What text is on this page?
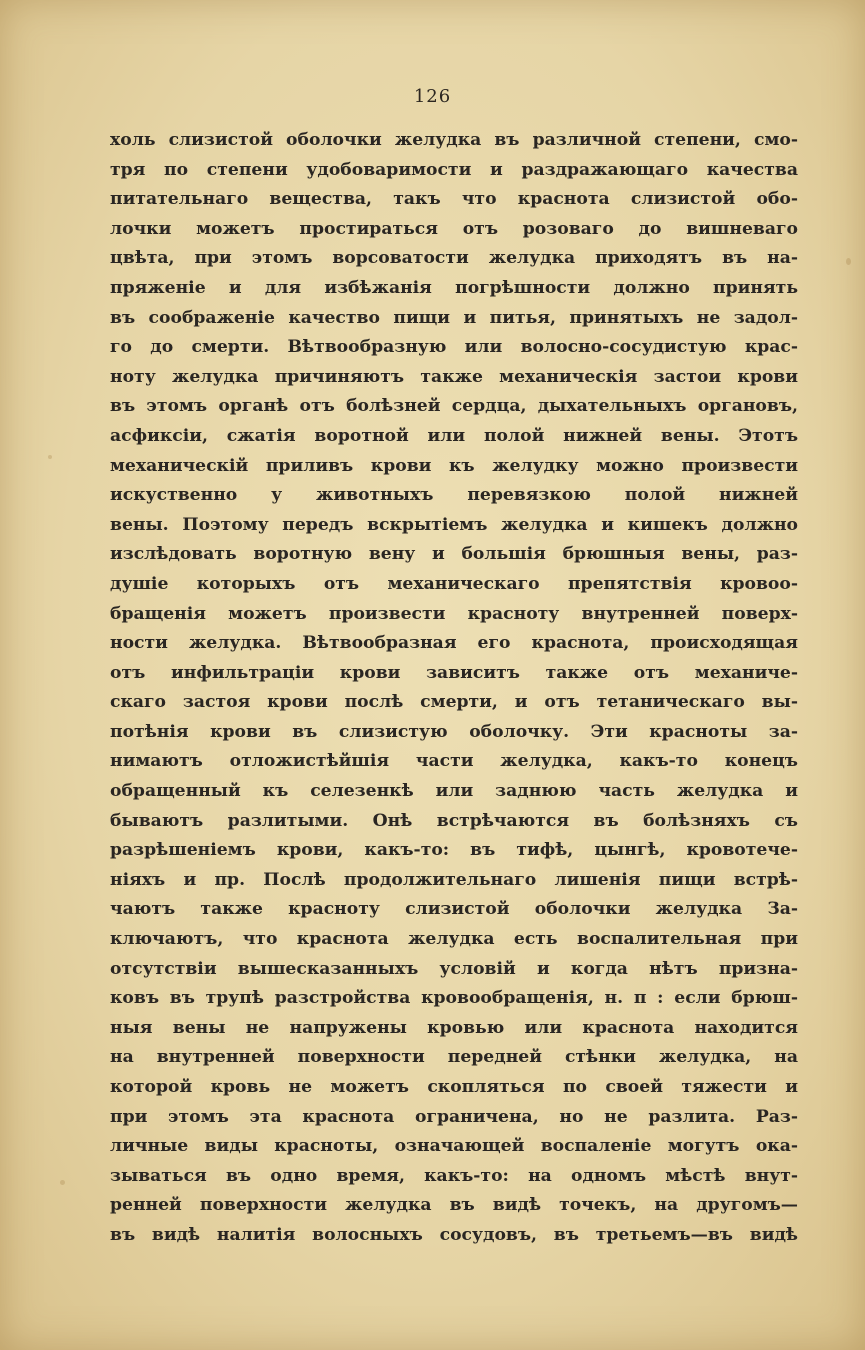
126
холь слизистой оболочки желудка въ различной степени, смо-
тря по степени удобоваримости и раздражающаго качества
питательнаго вещества, такъ что краснота слизистой обо-
лочки можетъ простираться отъ розоваго до вишневаго
цвѣта, при этомъ ворсоватости желудка приходятъ въ на-
пряженіе и для избѣжанія погрѣшности должно принять
въ соображеніе качество пищи и питья, принятыхъ не задол-
го до смерти. Вѣтвообразную или волосно-сосудистую крас-
ноту желудка причиняютъ также механическія застои крови
въ этомъ органѣ отъ болѣзней сердца, дыхательныхъ органовъ,
асфиксіи, сжатія воротной или полой нижней вены. Этотъ
механическій приливъ крови къ желудку можно произвести
искуственно у животныхъ перевязкою полой нижней
вены. Поэтому передъ вскрытіемъ желудка и кишекъ должно
изслѣдовать воротную вену и большія брюшныя вены, раз-
душіе которыхъ отъ механическаго препятствія кровоо-
бращенія можетъ произвести красноту внутренней поверх-
ности желудка. Вѣтвообразная его краснота, происходящая
отъ инфильтраціи крови зависитъ также отъ механиче-
скаго застоя крови послѣ смерти, и отъ тетаническаго вы-
потѣнія крови въ слизистую оболочку. Эти красноты за-
нимаютъ отложистѣйшія части желудка, какъ-то конецъ
обращенный къ селезенкѣ или заднюю часть желудка и
бываютъ разлитыми. Онѣ встрѣчаются въ болѣзняхъ съ
разрѣшеніемъ крови, какъ-то: въ тифѣ, цынгѣ, кровотече-
ніяхъ и пр. Послѣ продолжительнаго лишенія пищи встрѣ-
чаютъ также красноту слизистой оболочки желудка За-
ключаютъ, что краснота желудка есть воспалительная при
отсутствіи вышесказанныхъ условій и когда нѣтъ призна-
ковъ въ трупѣ разстройства кровообращенія, н. п : если брюш-
ныя вены не напружены кровью или краснота находится
на внутренней поверхности передней стѣнки желудка, на
которой кровь не можетъ скопляться по своей тяжести и
при этомъ эта краснота ограничена, но не разлита. Раз-
личные виды красноты, означающей воспаленіе могутъ ока-
зываться въ одно время, какъ-то: на одномъ мѣстѣ внут-
ренней поверхности желудка въ видѣ точекъ, на другомъ—
въ видѣ налитія волосныхъ сосудовъ, въ третьемъ—въ видѣ
